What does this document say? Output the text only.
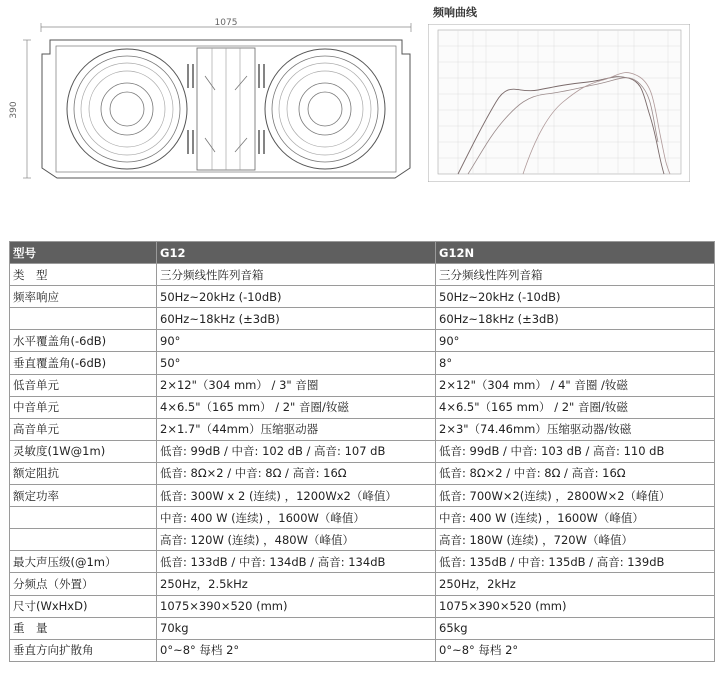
1075
390
频响曲线
型号	G12	G12N
类　型	三分频线性阵列音箱	三分频线性阵列音箱
频率响应	50Hz~20kHz (-10dB)	50Hz~20kHz (-10dB)
	60Hz~18kHz (±3dB)	60Hz~18kHz (±3dB)
水平覆盖角(-6dB)	90°	90°
垂直覆盖角(-6dB)	50°	8°
低音单元	2×12"（304 mm） / 3" 音圈	2×12"（304 mm） / 4" 音圈 /钕磁
中音单元	4×6.5"（165 mm） / 2" 音圈/钕磁	4×6.5"（165 mm） / 2" 音圈/钕磁
高音单元	2×1.7"（44mm）压缩驱动器	2×3"（74.46mm）压缩驱动器/钕磁
灵敏度(1W@1m)	低音: 99dB / 中音: 102 dB / 高音: 107 dB	低音: 99dB / 中音: 103 dB / 高音: 110 dB
额定阻抗	低音: 8Ω×2 / 中音: 8Ω / 高音: 16Ω	低音: 8Ω×2 / 中音: 8Ω / 高音: 16Ω
额定功率	低音: 300W x 2 (连续) ，1200Wx2（峰值）	低音: 700W×2(连续) ，2800W×2（峰值）
	中音: 400 W (连续) ，1600W（峰值）	中音: 400 W (连续) ，1600W（峰值）
	高音: 120W (连续) ，480W（峰值）	高音: 180W (连续) ，720W（峰值）
最大声压级(@1m）	低音: 133dB / 中音: 134dB / 高音: 134dB	低音: 135dB / 中音: 135dB / 高音: 139dB
分频点（外置）	250Hz，2.5kHz	250Hz，2kHz
尺寸(WxHxD)	1075×390×520 (mm)	1075×390×520 (mm)
重　量	70kg	65kg
垂直方向扩散角	0°~8° 每档 2°	0°~8° 每档 2°
